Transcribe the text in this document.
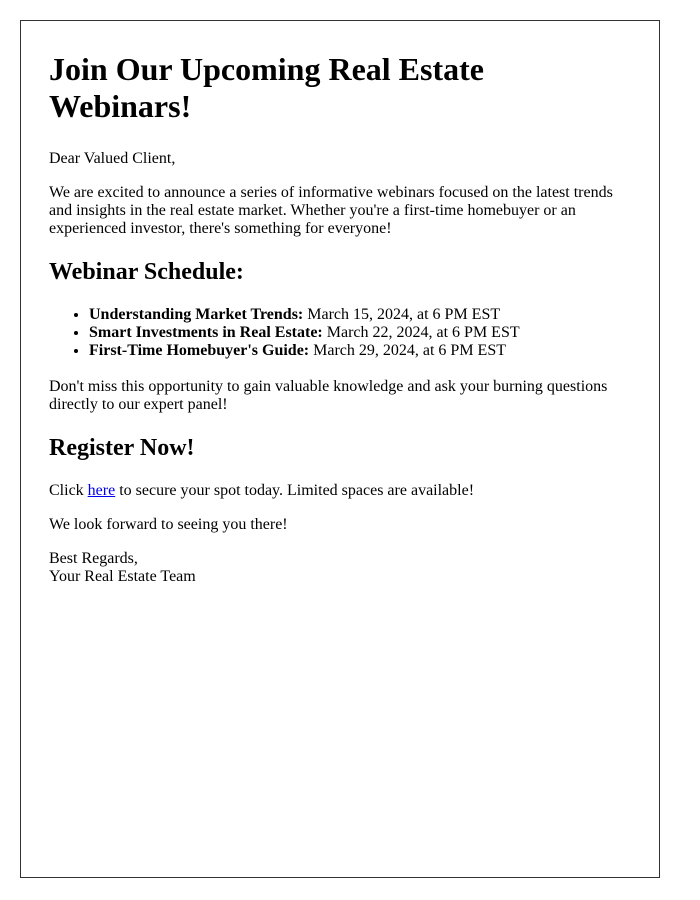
Join Our Upcoming Real Estate Webinars!

Dear Valued Client,

We are excited to announce a series of informative webinars focused on the latest trends and insights in the real estate market. Whether you're a first-time homebuyer or an experienced investor, there's something for everyone!

Webinar Schedule:
• Understanding Market Trends: March 15, 2024, at 6 PM EST
• Smart Investments in Real Estate: March 22, 2024, at 6 PM EST
• First-Time Homebuyer's Guide: March 29, 2024, at 6 PM EST

Don't miss this opportunity to gain valuable knowledge and ask your burning questions directly to our expert panel!

Register Now!

Click here to secure your spot today. Limited spaces are available!

We look forward to seeing you there!

Best Regards,
Your Real Estate Team
